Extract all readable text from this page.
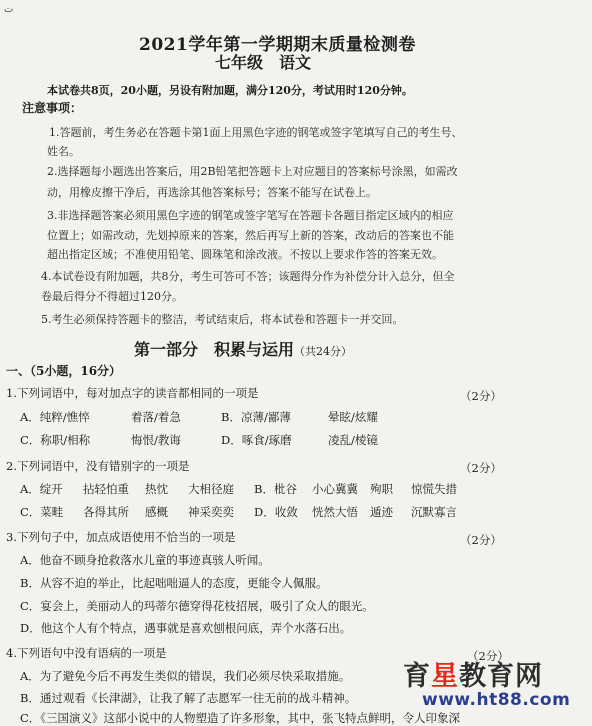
ت
2021学年第一学期期末质量检测卷
七年级　语文
本试卷共8页，20小题，另设有附加题，满分120分，考试用时120分钟。
注意事项：
1.答题前，考生务必在答题卡第1面上用黑色字迹的钢笔或签字笔填写自己的考生号、
姓名。
2.选择题每小题选出答案后，用2B铅笔把答题卡上对应题目的答案标号涂黑，如需改
动，用橡皮擦干净后，再选涂其他答案标号；答案不能写在试卷上。
3.非选择题答案必须用黑色字迹的钢笔或签字笔写在答题卡各题目指定区域内的相应
位置上；如需改动，先划掉原来的答案，然后再写上新的答案，改动后的答案也不能
超出指定区域；不准使用铅笔、圆珠笔和涂改液。不按以上要求作答的答案无效。
4.本试卷设有附加题，共8分，考生可答可不答；该题得分作为补偿分计入总分，但全
卷最后得分不得超过120分。
5.考生必须保持答题卡的整洁，考试结束后，将本试卷和答题卡一并交回。
第一部分　积累与运用（共24分）
一、（5小题，16分）
1.下列词语中，每对加点字的读音都相同的一项是	（2分）
A．纯粹/憔悴	着落/着急	B．凉薄/鄙薄	晕眩/炫耀
C．称职/相称	悔恨/教诲	D．啄食/琢磨	凌乱/棱镜
2.下列词语中，没有错别字的一项是	（2分）
A．绽开 拈轻怕重 热忱 大相径庭 B．枇谷 小心冀冀 殉职 惊慌失措
C．菜畦 各得其所 感概 神采奕奕 D．收敛 恍然大悟 遁迹 沉默寡言
3.下列句子中，加点成语使用不恰当的一项是	（2分）
A．他奋不顾身抢救落水儿童的事迹真骇人听闻。
B．从容不迫的举止，比起咄咄逼人的态度，更能令人佩服。
C．宴会上，美丽动人的玛蒂尔德穿得花枝招展，吸引了众人的眼光。
D．他这个人有个特点，遇事就是喜欢刨根问底，弄个水落石出。
4.下列语句中没有语病的一项是	（2分）
A．为了避免今后不再发生类似的错误，我们必须尽快采取措施。
B．通过观看《长津湖》，让我了解了志愿军一往无前的战斗精神。
C．《三国演义》这部小说中的人物塑造了许多形象，其中，张飞特点鲜明，令人印象深
育星教育网
www.ht88.com
